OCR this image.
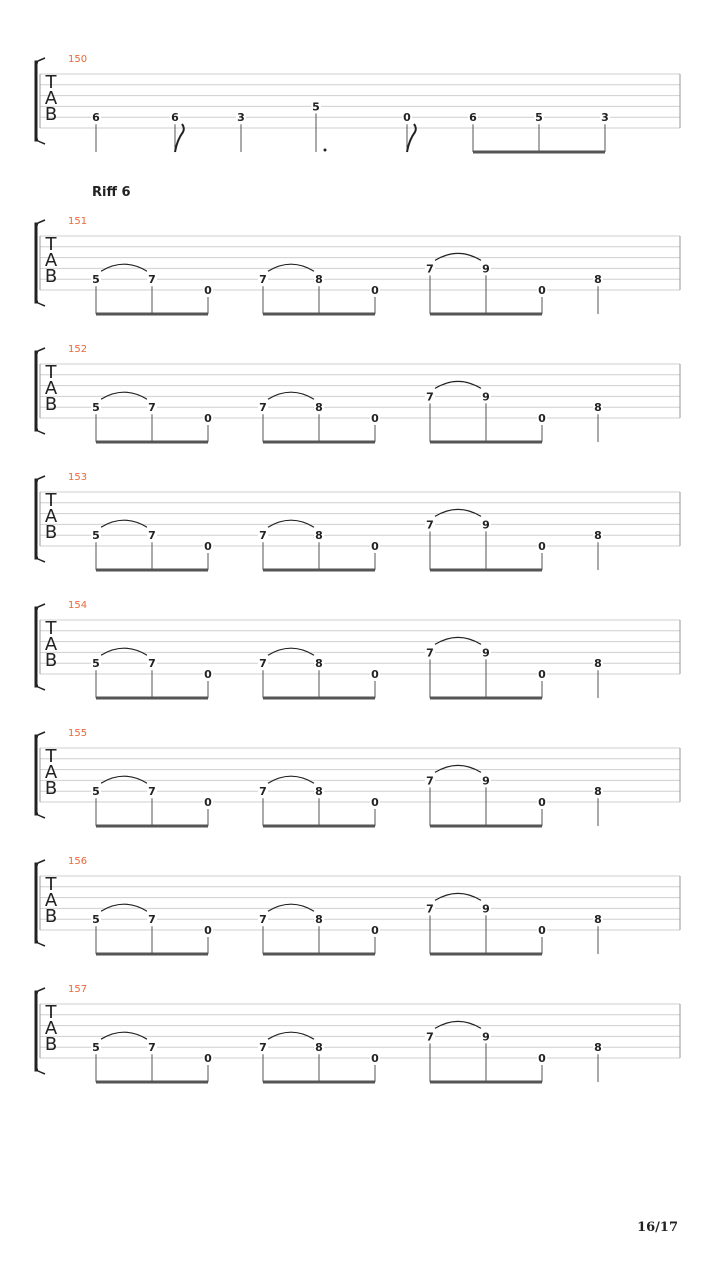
T
A
B
150
6	6	3
5
0	6	5	3
T
A
B
151
Riff 6
5	7
0
7	8
0
7	9
0
8
T
A
B
152
5	7
0
7	8
0
7	9
0
8
T
A
B
153
5	7
0
7	8
0
7	9
0
8
T
A
B
154
5	7
0
7	8
0
7	9
0
8
T
A
B
155
5	7
0
7	8
0
7	9
0
8
T
A
B
156
5	7
0
7	8
0
7	9
0
8
T
A
B
157
5	7
0
7	8
0
7	9
0
8
16/17
